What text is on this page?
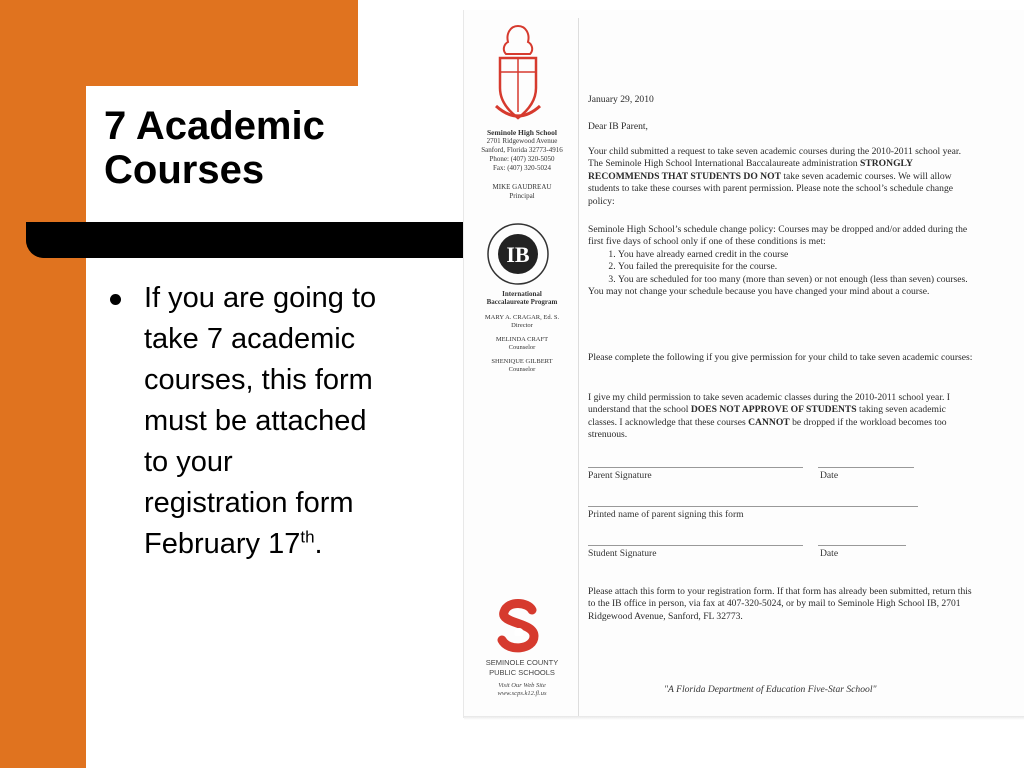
7 Academic Courses
If you are going to take 7 academic courses, this form must be attached to your registration form February 17th.
Seminole High School
2701 Ridgewood Avenue
Sanford, Florida 32773-4916
Phone: (407) 320-5050
Fax: (407) 320-5024
MIKE GAUDREAU
Principal
IB
International
Baccalaureate Program
MARY A. CRAGAR, Ed. S.
Director
MELINDA CRAFT
Counselor
SHENIQUE GILBERT
Counselor
SEMINOLE COUNTY
PUBLIC SCHOOLS
Visit Our Web Site
www.scps.k12.fl.us
January 29, 2010
Dear IB Parent,
Your child submitted a request to take seven academic courses during the 2010-2011 school year. The Seminole High School International Baccalaureate administration STRONGLY RECOMMENDS THAT STUDENTS DO NOT take seven academic courses. We will allow students to take these courses with parent permission. Please note the school’s schedule change policy:
Seminole High School’s schedule change policy: Courses may be dropped and/or added during the first five days of school only if one of these conditions is met:
1. You have already earned credit in the course
2. You failed the prerequisite for the course.
3. You are scheduled for too many (more than seven) or not enough (less than seven) courses.
You may not change your schedule because you have changed your mind about a course.
Please complete the following if you give permission for your child to take seven academic courses:
I give my child permission to take seven academic classes during the 2010-2011 school year. I understand that the school DOES NOT APPROVE OF STUDENTS taking seven academic classes. I acknowledge that these courses CANNOT be dropped if the workload becomes too strenuous.
Parent Signature	Date
Printed name of parent signing this form
Student Signature	Date
Please attach this form to your registration form. If that form has already been submitted, return this to the IB office in person, via fax at 407-320-5024, or by mail to Seminole High School IB, 2701 Ridgewood Avenue, Sanford, FL 32773.
"A Florida Department of Education Five-Star School"
